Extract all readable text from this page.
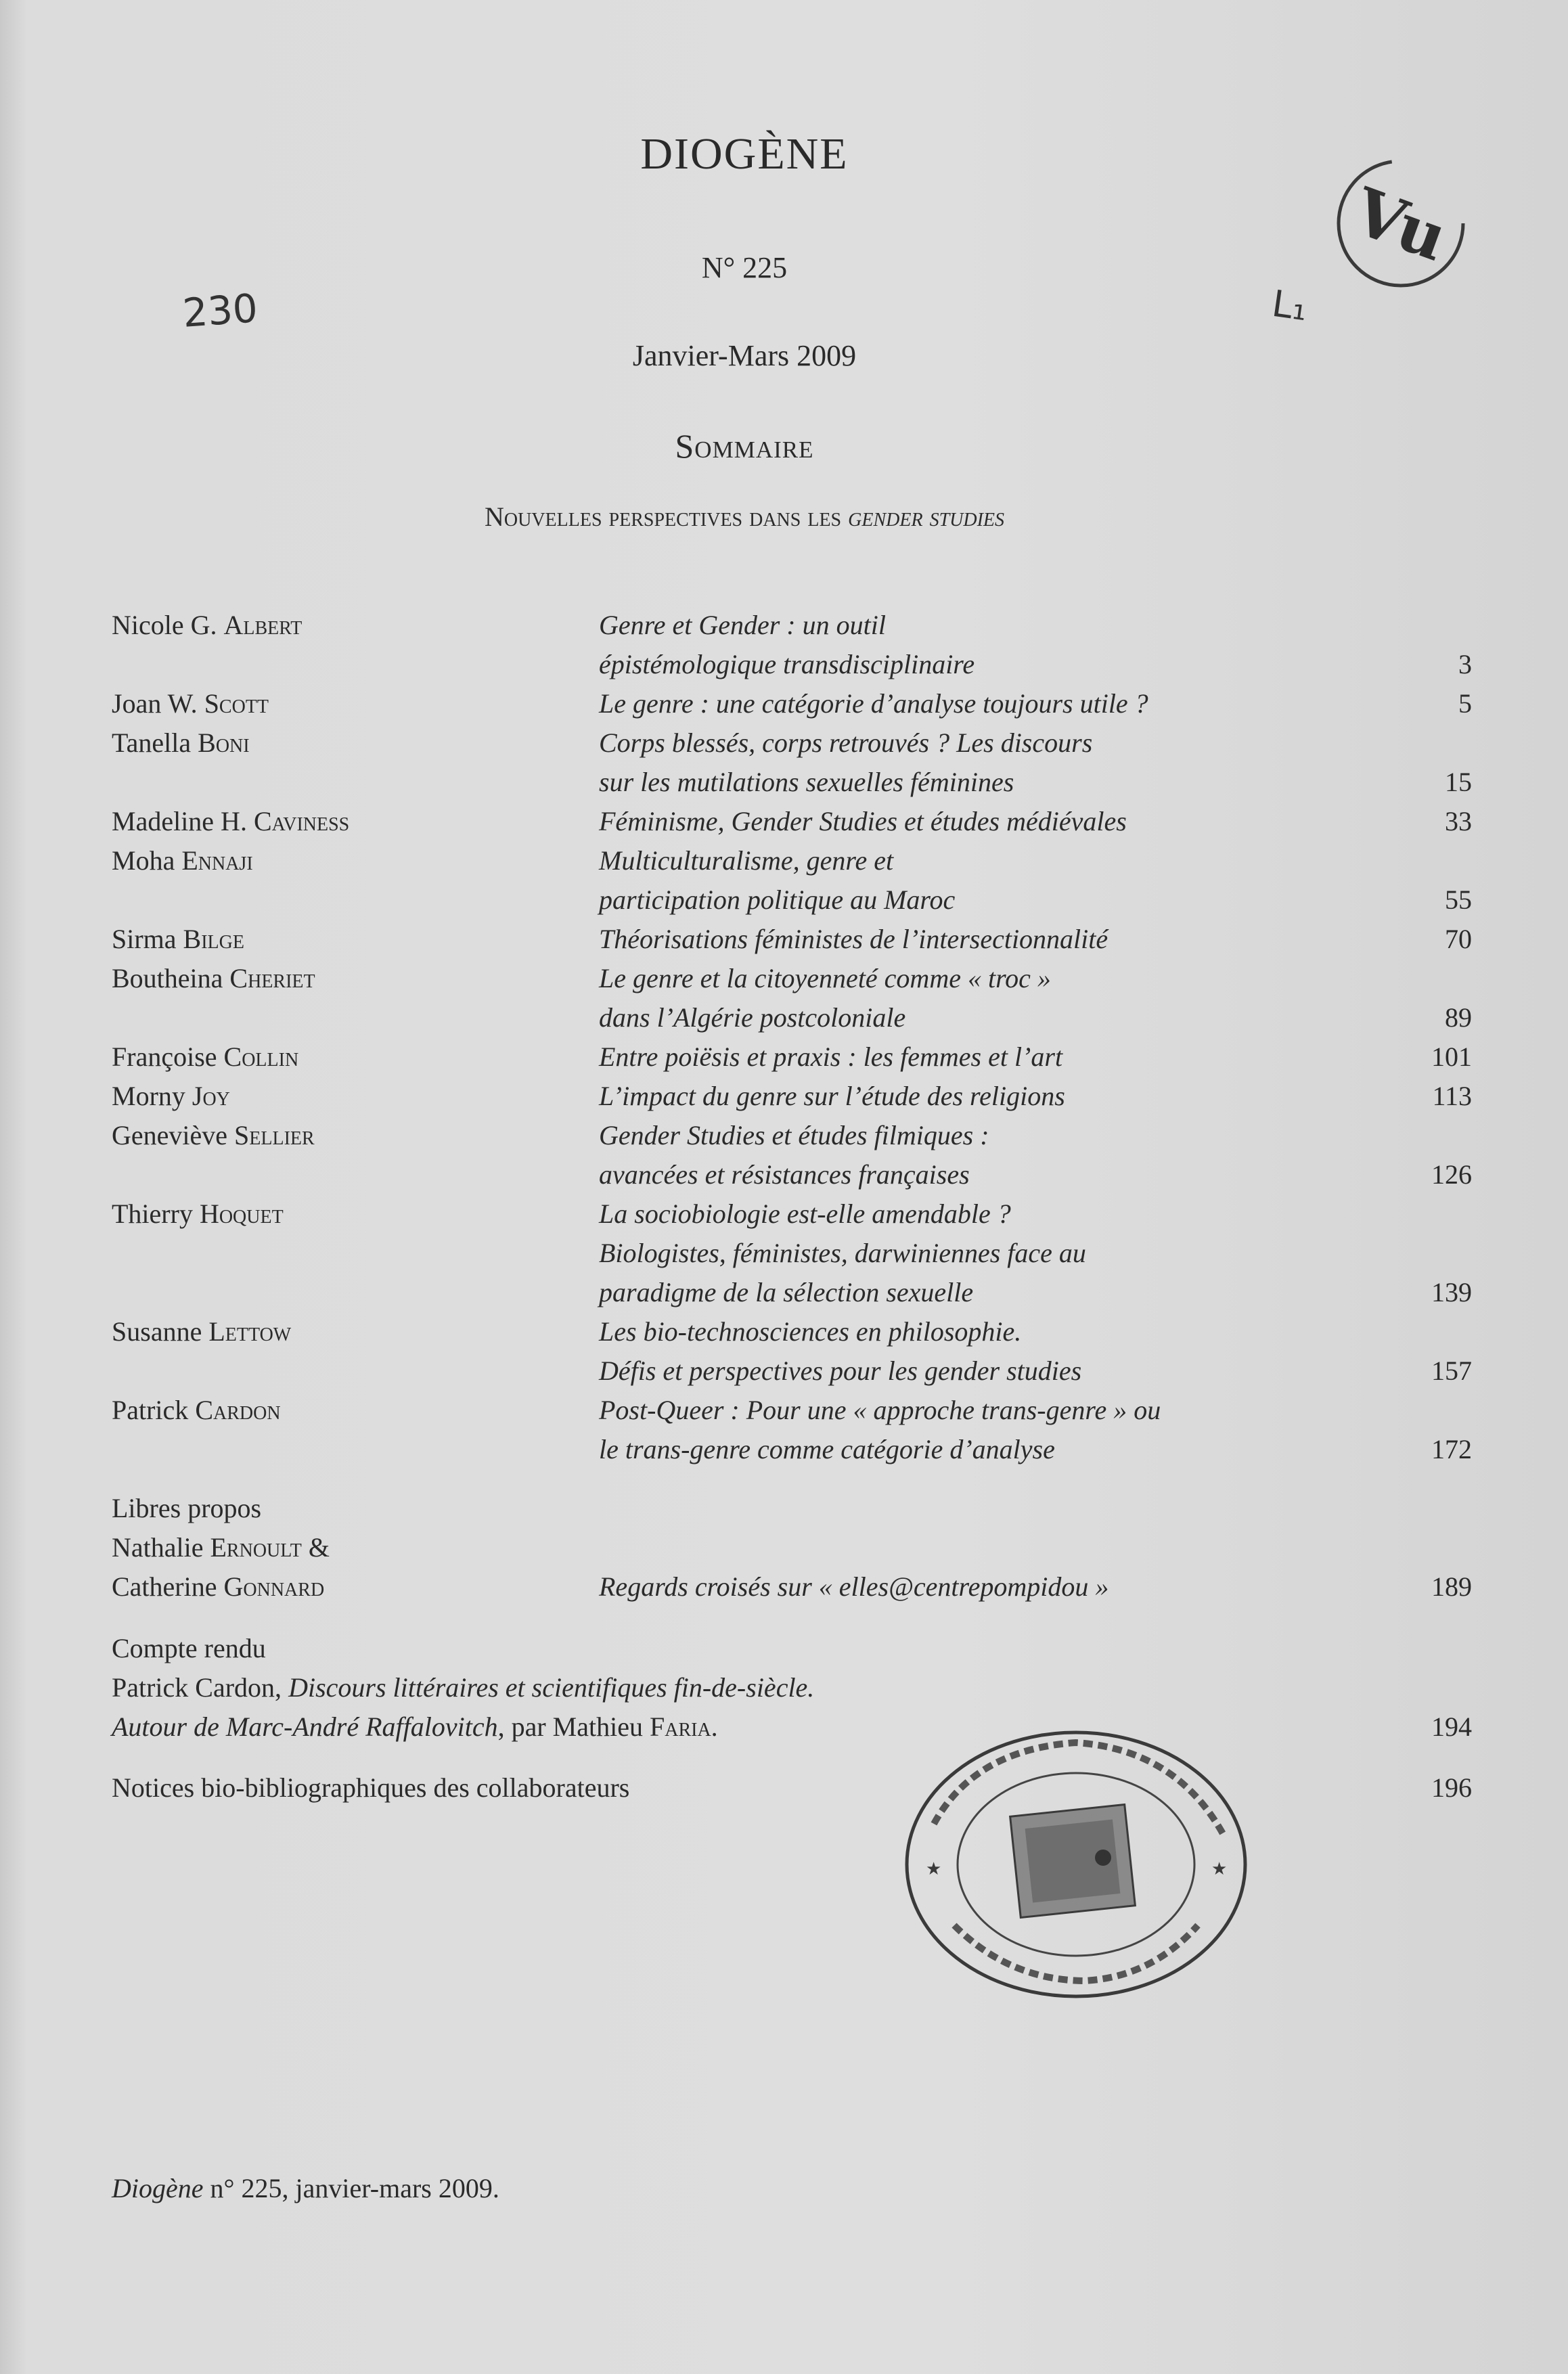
DIOGÈNE
N° 225
Janvier-Mars 2009
Sommaire
Nouvelles perspectives dans les gender studies
230	L₁
Vu
Nicole G. Albert	Genre et Gender : un outil
épistémologique transdisciplinaire	3
Joan W. Scott	Le genre : une catégorie d’analyse toujours utile ?	5
Tanella Boni	Corps blessés, corps retrouvés ? Les discours
sur les mutilations sexuelles féminines	15
Madeline H. Caviness	Féminisme, Gender Studies et études médiévales	33
Moha Ennaji	Multiculturalisme, genre et
participation politique au Maroc	55
Sirma Bilge	Théorisations féministes de l’intersectionnalité	70
Boutheina Cheriet	Le genre et la citoyenneté comme « troc »
dans l’Algérie postcoloniale	89
Françoise Collin	Entre poiësis et praxis : les femmes et l’art	101
Morny Joy	L’impact du genre sur l’étude des religions	113
Geneviève Sellier	Gender Studies et études filmiques :
avancées et résistances françaises	126
Thierry Hoquet	La sociobiologie est-elle amendable ?
Biologistes, féministes, darwiniennes face au
paradigme de la sélection sexuelle	139
Susanne Lettow	Les bio-technosciences en philosophie.
Défis et perspectives pour les gender studies	157
Patrick Cardon	Post-Queer : Pour une « approche trans-genre » ou
le trans-genre comme catégorie d’analyse	172
Libres propos
Nathalie Ernoult &
Catherine Gonnard	Regards croisés sur « elles@centrepompidou »	189
Compte rendu
Patrick Cardon, Discours littéraires et scientifiques fin-de-siècle.
Autour de Marc-André Raffalovitch, par Mathieu Faria.	194
Notices bio-bibliographiques des collaborateurs	196
★	★
Diogène n° 225, janvier-mars 2009.
